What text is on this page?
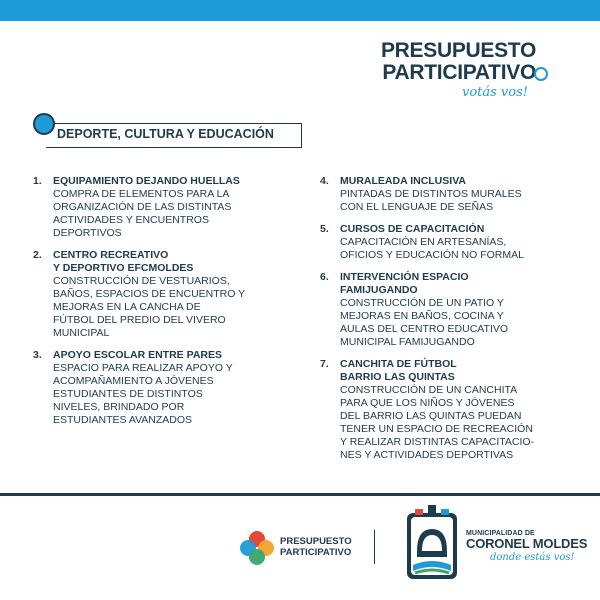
PRESUPUESTO
PARTICIPATIVO
votás vos!
DEPORTE, CULTURA Y EDUCACIÓN
1. EQUIPAMIENTO DEJANDO HUELLAS
COMPRA DE ELEMENTOS PARA LA
ORGANIZACIÓN DE LAS DISTINTAS
ACTIVIDADES Y ENCUENTROS
DEPORTIVOS
2. CENTRO RECREATIVO
Y DEPORTIVO EFCMOLDES
CONSTRUCCIÓN DE VESTUARIOS,
BAÑOS, ESPACIOS DE ENCUENTRO Y
MEJORAS EN LA CANCHA DE
FÚTBOL DEL PREDIO DEL VIVERO
MUNICIPAL
3. APOYO ESCOLAR ENTRE PARES
ESPACIO PARA REALIZAR APOYO Y
ACOMPAÑAMIENTO A JÓVENES
ESTUDIANTES DE DISTINTOS
NIVELES, BRINDADO POR
ESTUDIANTES AVANZADOS
4. MURALEADA INCLUSIVA
PINTADAS DE DISTINTOS MURALES
CON EL LENGUAJE DE SEÑAS
5. CURSOS DE CAPACITACIÓN
CAPACITACIÓN EN ARTESANÍAS,
OFICIOS Y EDUCACIÓN NO FORMAL
6. INTERVENCIÓN ESPACIO
FAMIJUGANDO
CONSTRUCCIÓN DE UN PATIO Y
MEJORAS EN BAÑOS, COCINA Y
AULAS DEL CENTRO EDUCATIVO
MUNICIPAL FAMIJUGANDO
7. CANCHITA DE FÚTBOL
BARRIO LAS QUINTAS
CONSTRUCCIÓN DE UN CANCHITA
PARA QUE LOS NIÑOS Y JÓVENES
DEL BARRIO LAS QUINTAS PUEDAN
TENER UN ESPACIO DE RECREACIÓN
Y REALIZAR DISTINTAS CAPACITACIO-
NES Y ACTIVIDADES DEPORTIVAS
PRESUPUESTO
PARTICIPATIVO
MUNICIPALIDAD DE
CORONEL MOLDES
donde estás vos!
